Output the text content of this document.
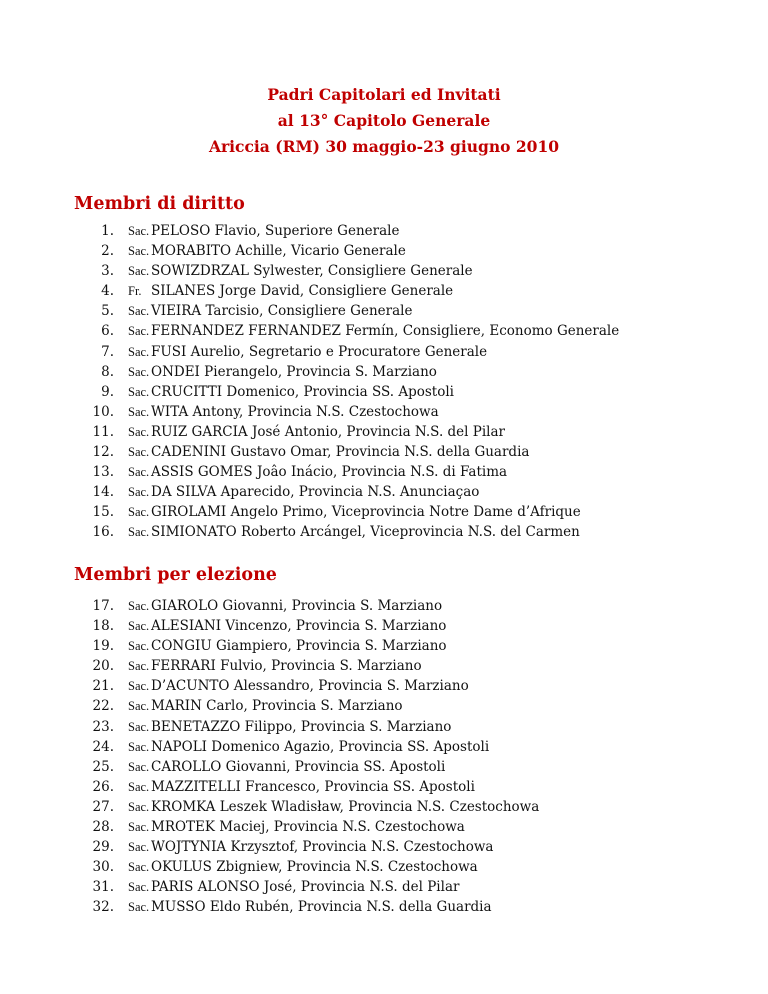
Padri Capitolari ed Invitati
al 13° Capitolo Generale
Ariccia (RM) 30 maggio-23 giugno 2010
Membri di diritto
1. Sac. PELOSO Flavio, Superiore Generale
2. Sac. MORABITO Achille, Vicario Generale
3. Sac. SOWIZDRZAL Sylwester, Consigliere Generale
4. Fr. SILANES Jorge David, Consigliere Generale
5. Sac. VIEIRA Tarcisio, Consigliere Generale
6. Sac. FERNANDEZ FERNANDEZ Fermín, Consigliere, Economo Generale
7. Sac. FUSI Aurelio, Segretario e Procuratore Generale
8. Sac. ONDEI Pierangelo, Provincia S. Marziano
9. Sac. CRUCITTI Domenico, Provincia SS. Apostoli
10. Sac. WITA Antony, Provincia N.S. Czestochowa
11. Sac. RUIZ GARCIA José Antonio, Provincia N.S. del Pilar
12. Sac. CADENINI Gustavo Omar, Provincia N.S. della Guardia
13. Sac. ASSIS GOMES Joâo Inácio, Provincia N.S. di Fatima
14. Sac. DA SILVA Aparecido, Provincia N.S. Anunciaçao
15. Sac. GIROLAMI Angelo Primo, Viceprovincia Notre Dame d’Afrique
16. Sac. SIMIONATO Roberto Arcángel, Viceprovincia N.S. del Carmen
Membri per elezione
17. Sac. GIAROLO Giovanni, Provincia S. Marziano
18. Sac. ALESIANI Vincenzo, Provincia S. Marziano
19. Sac. CONGIU Giampiero, Provincia S. Marziano
20. Sac. FERRARI Fulvio, Provincia S. Marziano
21. Sac. D’ACUNTO Alessandro, Provincia S. Marziano
22. Sac. MARIN Carlo, Provincia S. Marziano
23. Sac. BENETAZZO Filippo, Provincia S. Marziano
24. Sac. NAPOLI Domenico Agazio, Provincia SS. Apostoli
25. Sac. CAROLLO Giovanni, Provincia SS. Apostoli
26. Sac. MAZZITELLI Francesco, Provincia SS. Apostoli
27. Sac. KROMKA Leszek Wladisław, Provincia N.S. Czestochowa
28. Sac. MROTEK Maciej, Provincia N.S. Czestochowa
29. Sac. WOJTYNIA Krzysztof, Provincia N.S. Czestochowa
30. Sac. OKULUS Zbigniew, Provincia N.S. Czestochowa
31. Sac. PARIS ALONSO José, Provincia N.S. del Pilar
32. Sac. MUSSO Eldo Rubén, Provincia N.S. della Guardia
